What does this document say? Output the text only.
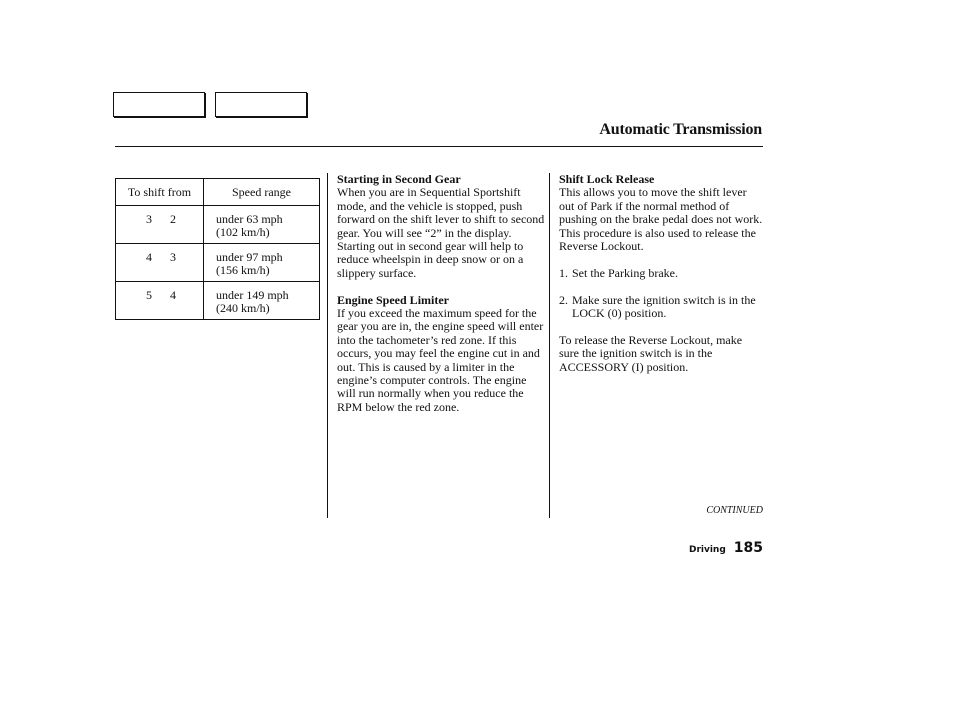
Automatic Transmission
To shift from	Speed range
3 2	under 63 mph
(102 km/h)

4 3	under 97 mph
(156 km/h)

5 4	under 149 mph
(240 km/h)
Starting in Second Gear

When you are in Sequential Sportshift mode, and the vehicle is stopped, push forward on the shift lever to shift to second gear. You will see “2” in the display. Starting out in second gear will help to reduce wheelspin in deep snow or on a slippery surface.

Engine Speed Limiter

If you exceed the maximum speed for the gear you are in, the engine speed will enter into the tachometer’s red zone. If this occurs, you may feel the engine cut in and out. This is caused by a limiter in the engine’s computer controls. The engine will run normally when you reduce the RPM below the red zone.

Shift Lock Release

This allows you to move the shift lever out of Park if the normal method of pushing on the brake pedal does not work. This procedure is also used to release the Reverse Lockout.

1. Set the Parking brake.
2. Make sure the ignition switch is in the LOCK (0) position.

To release the Reverse Lockout, make sure the ignition switch is in the ACCESSORY (I) position.

CONTINUED
Driving 185
